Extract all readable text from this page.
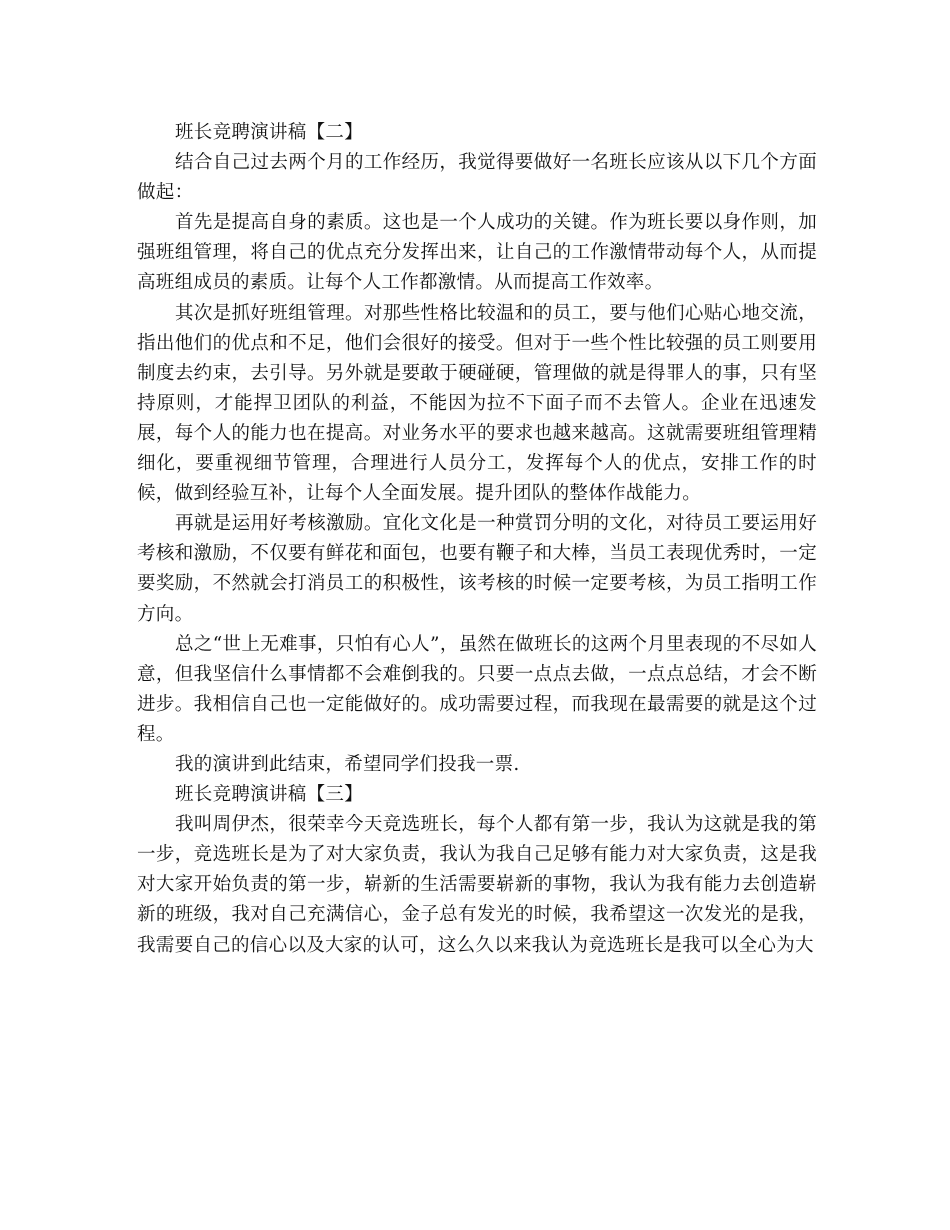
班长竞聘演讲稿【二】

结合自己过去两个月的工作经历，我觉得要做好一名班长应该从以下几个方面做起：

首先是提高自身的素质。这也是一个人成功的关键。作为班长要以身作则，加强班组管理，将自己的优点充分发挥出来，让自己的工作激情带动每个人，从而提高班组成员的素质。让每个人工作都激情。从而提高工作效率。

其次是抓好班组管理。对那些性格比较温和的员工，要与他们心贴心地交流，指出他们的优点和不足，他们会很好的接受。但对于一些个性比较强的员工则要用制度去约束，去引导。另外就是要敢于硬碰硬，管理做的就是得罪人的事，只有坚持原则，才能捍卫团队的利益，不能因为拉不下面子而不去管人。企业在迅速发展，每个人的能力也在提高。对业务水平的要求也越来越高。这就需要班组管理精细化，要重视细节管理，合理进行人员分工，发挥每个人的优点，安排工作的时候，做到经验互补，让每个人全面发展。提升团队的整体作战能力。

再就是运用好考核激励。宜化文化是一种赏罚分明的文化，对待员工要运用好考核和激励，不仅要有鲜花和面包，也要有鞭子和大棒，当员工表现优秀时，一定要奖励，不然就会打消员工的积极性，该考核的时候一定要考核，为员工指明工作方向。

总之“世上无难事，只怕有心人”，虽然在做班长的这两个月里表现的不尽如人意，但我坚信什么事情都不会难倒我的。只要一点点去做，一点点总结，才会不断进步。我相信自己也一定能做好的。成功需要过程，而我现在最需要的就是这个过程。

我的演讲到此结束，希望同学们投我一票.

班长竞聘演讲稿【三】

我叫周伊杰，很荣幸今天竞选班长，每个人都有第一步，我认为这就是我的第一步，竞选班长是为了对大家负责，我认为我自己足够有能力对大家负责，这是我对大家开始负责的第一步，崭新的生活需要崭新的事物，我认为我有能力去创造崭新的班级，我对自己充满信心，金子总有发光的时候，我希望这一次发光的是我，我需要自己的信心以及大家的认可，这么久以来我认为竞选班长是我可以全心为大
